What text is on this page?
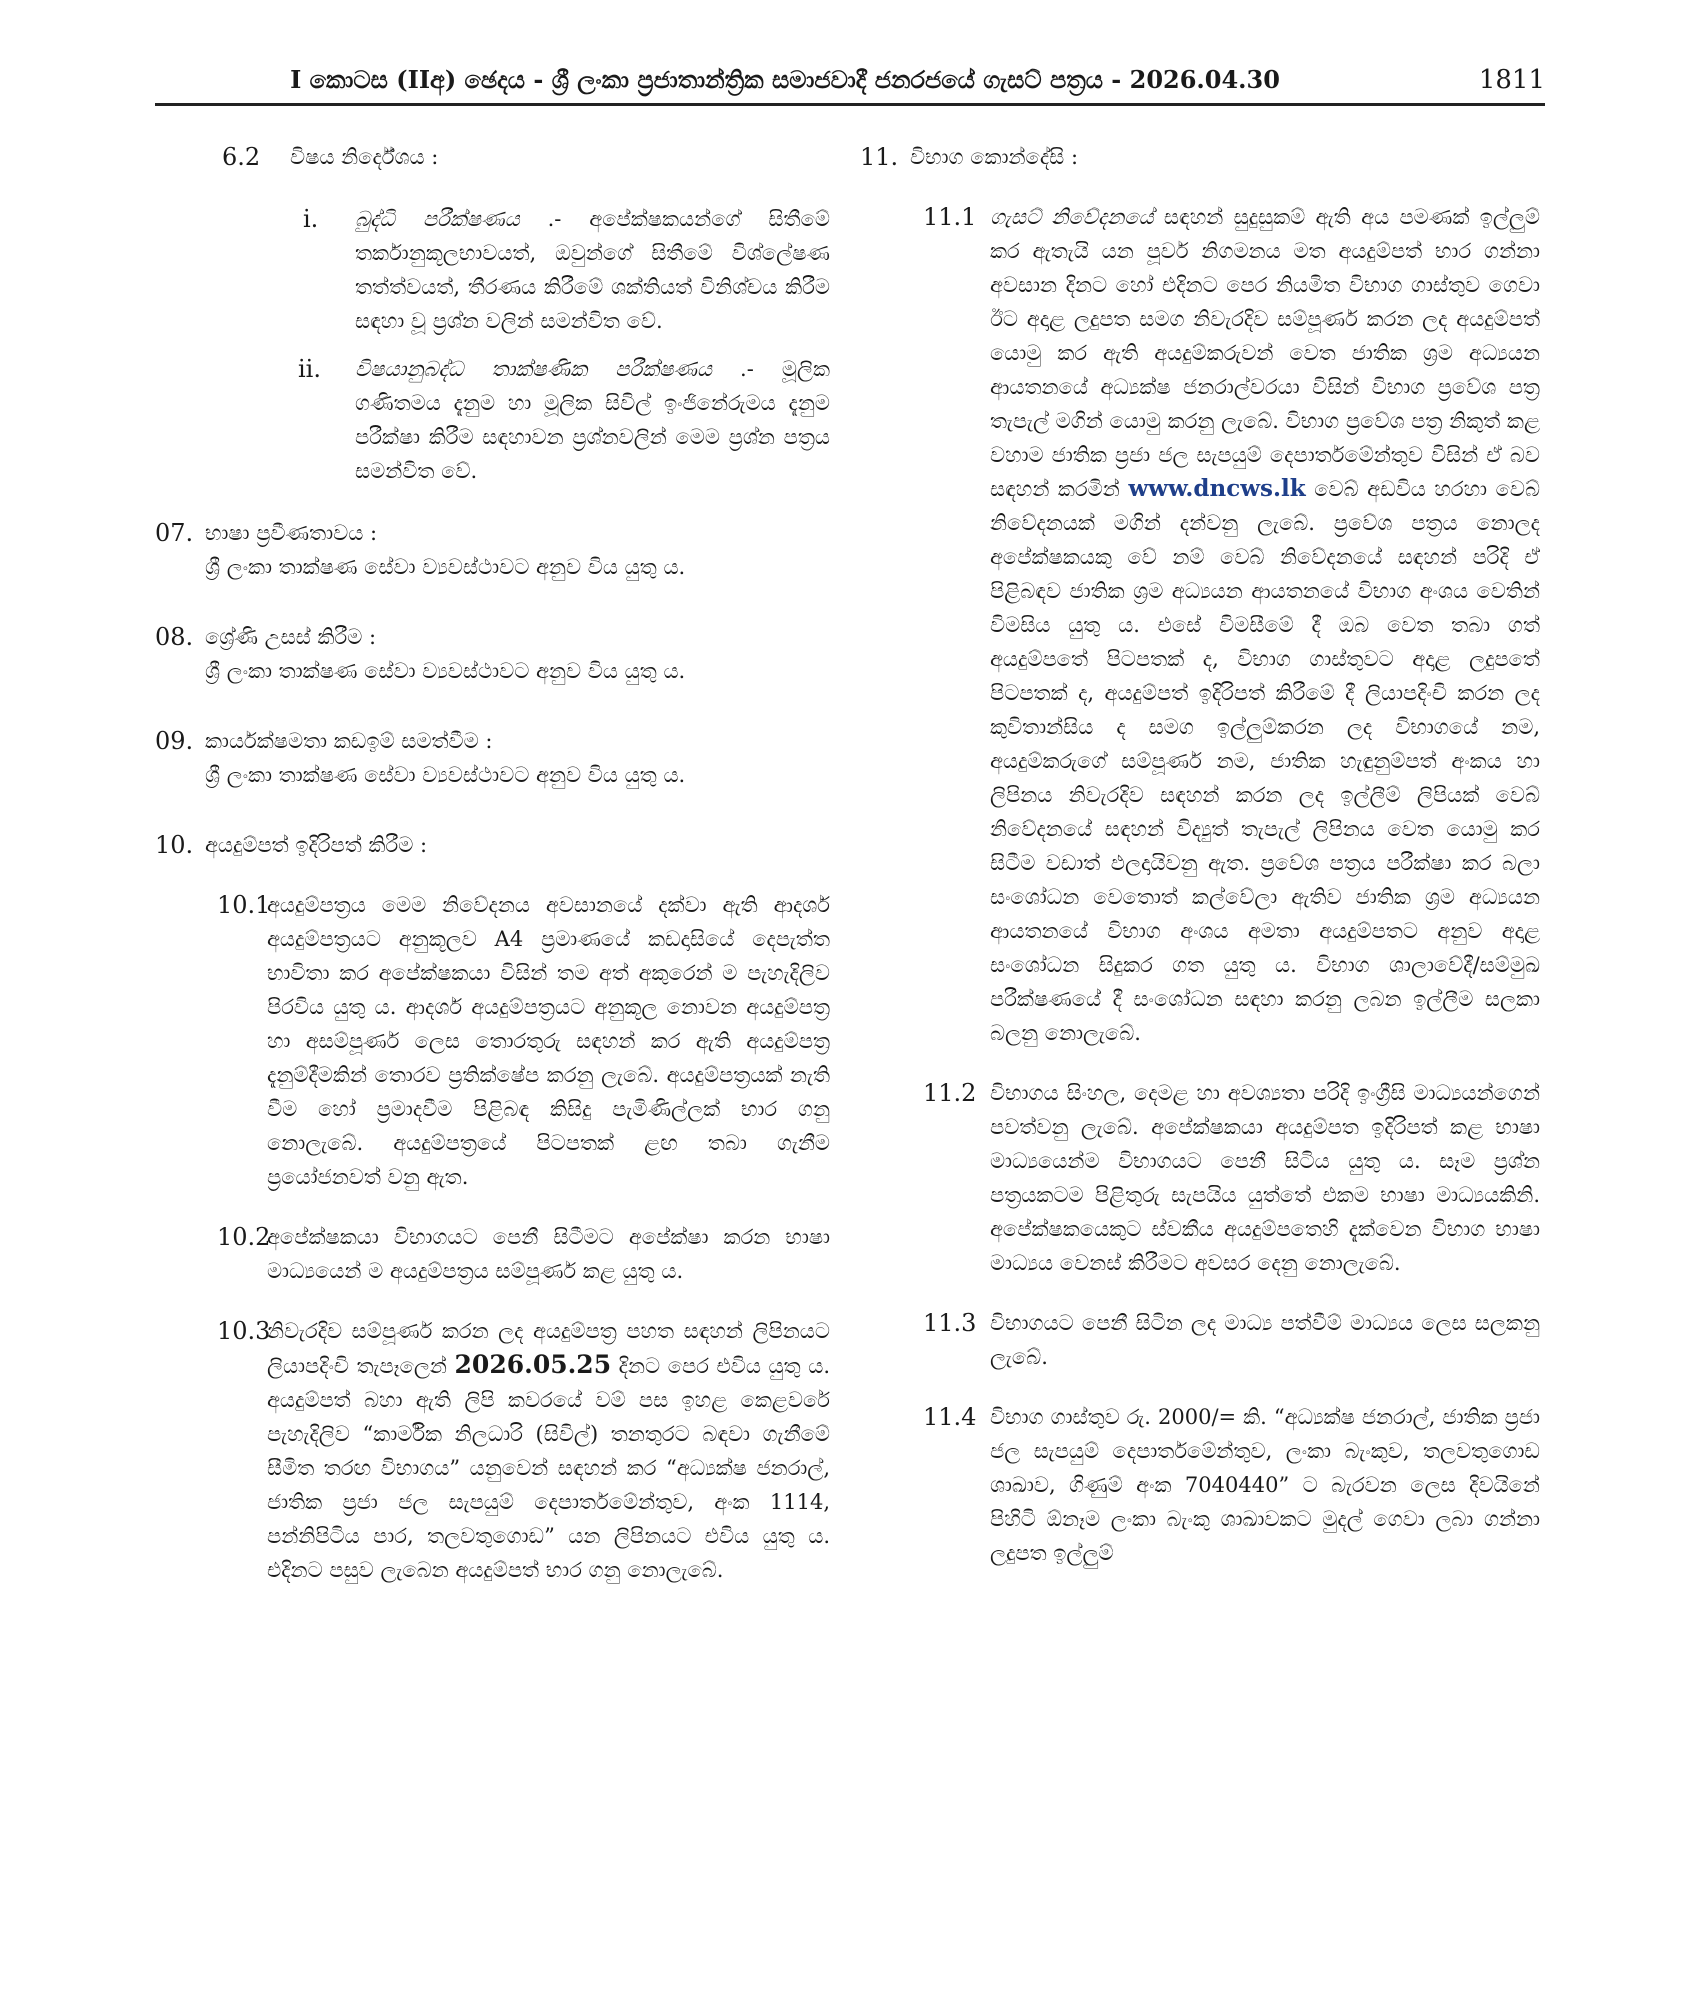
I කොටස (IIඅ) ඡෙදය - ශ්‍රී ලංකා ප්‍රජාතාන්ත්‍රික සමාජවාදී ජනරජයේ ගැසට් පත්‍රය - 2026.04.30	1811
6.2	විෂය නිර්දේශය :
i. බුද්ධි පරීක්ෂණය .- අපේක්ෂකයන්ගේ සිතීමේ තර්කානුකූලභාවයත්, ඔවුන්ගේ සිතීමේ විශ්ලේෂණ තත්ත්වයත්, තීරණය කිරීමේ ශක්තියත් විනිශ්චය කිරීම සඳහා වූ ප්‍රශ්න වලින් සමන්විත වේ.
ii. විෂයානුබද්ධ තාක්ෂණික පරීක්ෂණය .- මූලික ගණිතමය දැනුම හා මූලික සිවිල් ඉංජිනේරුමය දැනුම පරීක්ෂා කිරීම සඳහාවන ප්‍රශ්නවලින් මෙම ප්‍රශ්න පත්‍රය සමන්විත වේ.
07. භාෂා ප්‍රවීණතාවය :
ශ්‍රී ලංකා තාක්ෂණ සේවා ව්‍යවස්ථාවට අනුව විය යුතු ය.
08. ශ්‍රේණි උසස් කිරීම :
ශ්‍රී ලංකා තාක්ෂණ සේවා ව්‍යවස්ථාවට අනුව විය යුතු ය.
09. කාර්යක්ෂමතා කඩඉම් සමත්වීම :
ශ්‍රී ලංකා තාක්ෂණ සේවා ව්‍යවස්ථාවට අනුව විය යුතු ය.
10. අයදුම්පත් ඉදිරිපත් කිරීම :
10.1
අයදුම්පත්‍රය මෙම නිවේදනය අවසානයේ දක්වා ඇති ආදර්ශ අයදුම්පත්‍රයට අනුකූලව A4 ප්‍රමාණයේ කඩදාසියේ දෙපැත්ත භාවිතා කර අපේක්ෂකයා විසින් තම අත් අකුරෙන් ම පැහැදිලිව පිරවිය යුතු ය. ආදර්ශ අයදුම්පත්‍රයට අනුකූල නොවන අයදුම්පත්‍ර හා අසම්පූර්ණ ලෙස තොරතුරු සඳහන් කර ඇති අයදුම්පත්‍ර දැනුම්දීමකින් තොරව ප්‍රතික්ෂේප කරනු ලැබේ. අයදුම්පත්‍රයක් නැති වීම හෝ ප්‍රමාදවීම පිළිබඳ කිසිදු පැමිණිල්ලක් භාර ගනු නොලැබේ. අයදුම්පත්‍රයේ පිටපතක් ළඟ තබා ගැනීම ප්‍රයෝජනවත් වනු ඇත.
10.2
අපේක්ෂකයා විභාගයට පෙනී සිටීමට අපේක්ෂා කරන භාෂා මාධ්‍යයෙන් ම අයදුම්පත්‍රය සම්පූර්ණ කළ යුතු ය.
10.3
නිවැරදිව සම්පූර්ණ කරන ලද අයදුම්පත්‍ර පහත සඳහන් ලිපිනයට ලියාපදිංචි තැපෑලෙන් 2026.05.25 දිනට පෙර එවිය යුතු ය. අයදුම්පත් බහා ඇති ලිපි කවරයේ වම් පස ඉහළ කෙළවරේ පැහැදිලිව “කාර්මික නිලධාරි (සිවිල්) තනතුරට බඳවා ගැනීමේ සීමිත තරඟ විභාගය” යනුවෙන් සඳහන් කර “අධ්‍යක්ෂ ජනරාල්, ජාතික ප්‍රජා ජල සැපයුම් දෙපාර්තමේන්තුව, අංක 1114, පන්නිපිටිය පාර, තලවතුගොඩ” යන ලිපිනයට එවිය යුතු ය. එදිනට පසුව ලැබෙන අයදුම්පත් භාර ගනු නොලැබේ.
11. විභාග කොන්දේසි :
11.1 ගැසට් නිවේදනයේ සඳහන් සුදුසුකම් ඇති අය පමණක් ඉල්ලුම් කර ඇතැයි යන පූර්ව නිගමනය මත අයදුම්පත් භාර ගන්නා අවසාන දිනට හෝ එදිනට පෙර නියමිත විභාග ගාස්තුව ගෙවා ඊට අදාළ ලදුපත සමග නිවැරදිව සම්පූර්ණ කරන ලද අයදුම්පත් යොමු කර ඇති අයදුම්කරුවන් වෙත ජාතික ශ්‍රම අධ්‍යයන ආයතනයේ අධ්‍යක්ෂ ජනරාල්වරයා විසින් විභාග ප්‍රවේශ පත්‍ර තැපැල් මගින් යොමු කරනු ලැබේ. විභාග ප්‍රවේශ පත්‍ර නිකුත් කළ වහාම ජාතික ප්‍රජා ජල සැපයුම් දෙපාර්තමේන්තුව විසින් ඒ බව සඳහන් කරමින් www.dncws.lk වෙබ් අඩවිය හරහා වෙබ් නිවේදනයක් මගින් දන්වනු ලැබේ. ප්‍රවේශ පත්‍රය නොලද අපේක්ෂකයකු වේ නම් වෙබ් නිවේදනයේ සඳහන් පරිදි ඒ පිළිබඳව ජාතික ශ්‍රම අධ්‍යයන ආයතනයේ විභාග අංශය වෙතින් විමසිය යුතු ය. එසේ විමසීමේ දී ඔබ වෙත තබා ගත් අයදුම්පතේ පිටපතක් ද, විභාග ගාස්තුවට අදාළ ලදුපතේ පිටපතක් ද, අයදුම්පත් ඉදිරිපත් කිරීමේ දී ලියාපදිංචි කරන ලද කුවිතාන්සිය ද සමග ඉල්ලුම්කරන ලද විභාගයේ නම, අයදුම්කරුගේ සම්පූර්ණ නම, ජාතික හැඳුනුම්පත් අංකය හා ලිපිනය නිවැරදිව සඳහන් කරන ලද ඉල්ලීම් ලිපියක් වෙබ් නිවේදනයේ සඳහන් විද්‍යුත් තැපැල් ලිපිනය වෙත යොමු කර සිටීම වඩාත් ඵලදායිවනු ඇත. ප්‍රවේශ පත්‍රය පරීක්ෂා කර බලා සංශෝධන වෙතොත් කල්වේලා ඇතිව ජාතික ශ්‍රම අධ්‍යයන ආයතනයේ විභාග අංශය අමතා අයදුම්පතට අනුව අදාළ සංශෝධන සිදුකර ගත යුතු ය. විභාග ශාලාවේදී/සම්මුඛ පරීක්ෂණයේ දී සංශෝධන සඳහා කරනු ලබන ඉල්ලීම සලකා බලනු නොලැබේ.
11.2 විභාගය සිංහල, දෙමළ හා අවශ්‍යතා පරිදි ඉංග්‍රීසි මාධ්‍යයන්ගෙන් පවත්වනු ලැබේ. අපේක්ෂකයා අයදුම්පත ඉදිරිපත් කළ භාෂා මාධ්‍යයෙන්ම විභාගයට පෙනී සිටිය යුතු ය. සෑම ප්‍රශ්න පත්‍රයකටම පිළිතුරු සැපයිය යුත්තේ එකම භාෂා මාධ්‍යයකිනි. අපේක්ෂකයෙකුට ස්වකීය අයදුම්පතෙහි දැක්වෙන විභාග භාෂා මාධ්‍යය වෙනස් කිරීමට අවසර දෙනු නොලැබේ.
11.3 විභාගයට පෙනී සිටින ලද මාධ්‍ය පත්වීම් මාධ්‍යය ලෙස සලකනු ලැබේ.
11.4 විභාග ගාස්තුව රු. 2000/= කි. “අධ්‍යක්ෂ ජනරාල්, ජාතික ප්‍රජා ජල සැපයුම් දෙපාර්තමේන්තුව, ලංකා බැංකුව, තලවතුගොඩ ශාඛාව, ගිණුම් අංක 7040440” ට බැරවන ලෙස දිවයිනේ පිහිටි ඕනෑම ලංකා බැංකු ශාඛාවකට මුදල් ගෙවා ලබා ගන්නා ලදුපත ඉල්ලුම්
